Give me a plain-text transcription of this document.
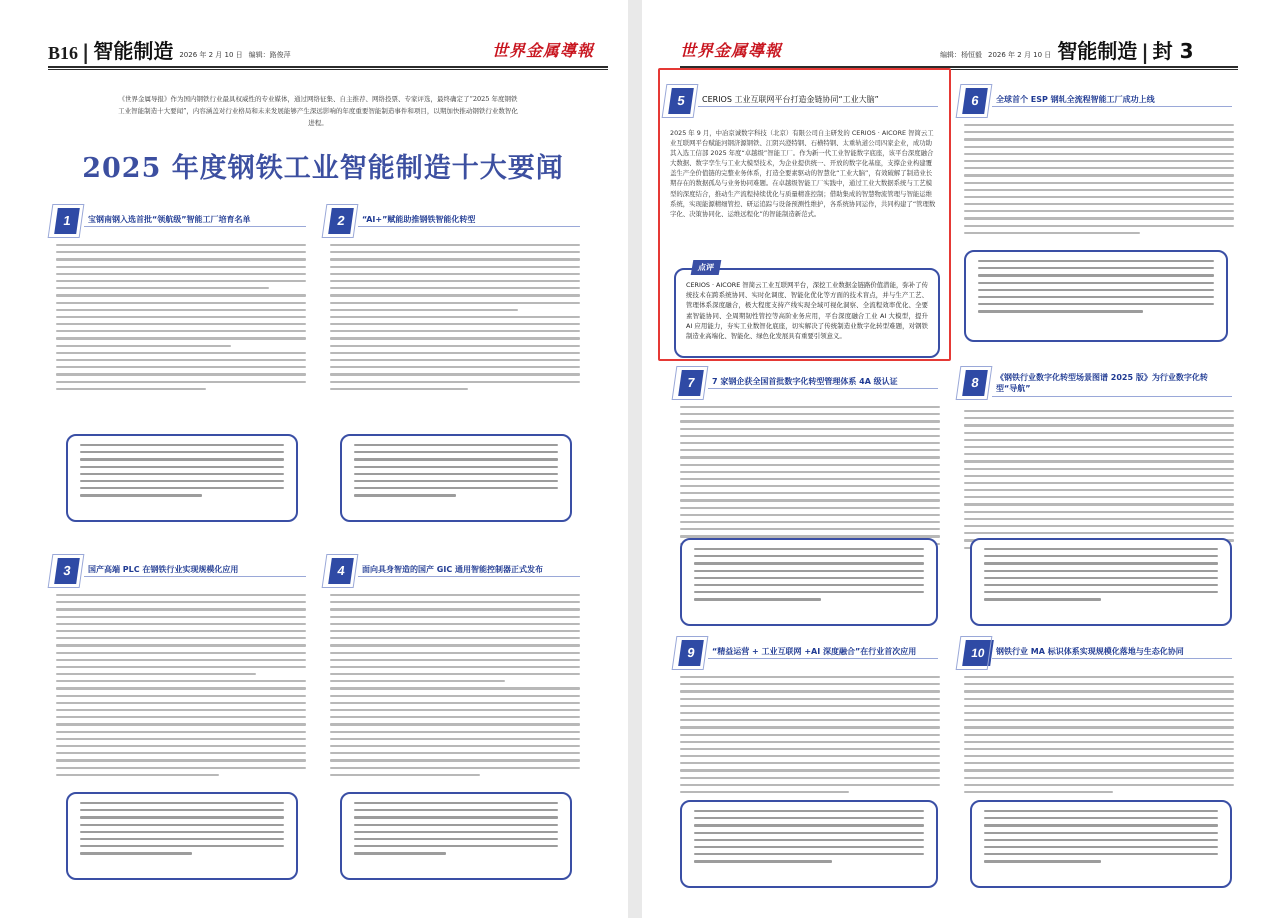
B16 | 智能制造 2026 年 2 月 10 日 编辑：路俊萍	世界金属導報
《世界金属导报》作为国内钢铁行业最具权威性的专业媒体，通过网络征集、自主推荐、网络投票、专家评选，最终确定了“2025 年度钢铁工业智能制造十大要闻”，内容涵盖对行业格局和未来发展能够产生深远影响的年度重要智能制造事件和项目，以期加快推动钢铁行业数智化进程。
2025 年度钢铁工业智能制造十大要闻
1	宝钢南钢入选首批“领航级”智能工厂培育名单	2	“AI+”赋能助推钢铁智能化转型
3	国产高端 PLC 在钢铁行业实现规模化应用	4	面向具身智造的国产 GIC 通用智能控制器正式发布
世界金属導報	编辑：杨恒毅 2026 年 2 月 10 日 智能制造 | 封 3
5	CERIOS 工业互联网平台打造金链协同“工业大脑”
2025 年 9 月，中冶京诚数字科技（北京）有限公司自主研发的 CERIOS · AICORE 智简云工业互联网平台赋能河钢济源钢铁、江阴兴澄特钢、石横特钢、太重轨道公司四家企业，成功助其入选工信部 2025 年度“卓越级”智能工厂。作为新一代工业智能数字底座，该平台深度融合大数据、数字孪生与工业大模型技术，为企业提供统一、开放的数字化基座，支撑企业构建覆盖生产全价值链的完整业务体系，打造全要素驱动的智慧化“工业大脑”，有效破解了制造业长期存在的数据孤岛与业务协同难题。在卓越级智能工厂实践中，通过工业大数据系统与工艺模型的深度结合，推动生产流程持续优化与质量精准控制；借助集成的智慧物流管理与智能运维系统，实现能源精细管控、研运追踪与设备预测性维护，各系统协同运作，共同构建了“管理数字化、决策协同化、运维远程化”的智能制造新范式。
点评
CERIOS · AICORE 智简云工业互联网平台，深挖工业数据金链路价值潜能，弥补了传统技术在跨系统协同、实时化调度、智能化优化等方面的技术盲点，并与生产工艺、管理体系深度融合，极大程度支持产线实现全域可视化洞察、全流程效率优化、全要素智能协同、全周期韧性管控等高阶业务应用，平台深度融合工业 AI 大模型，提升 AI 应用能力，夯实工业数智化底座，切实解决了传统制造业数字化转型难题，对钢铁制造业高端化、智能化、绿色化发展具有重要引领意义。
6	全球首个 ESP 钢轧全流程智能工厂成功上线
7	7 家钢企获全国首批数字化转型管理体系 4A 级认证	8	《钢铁行业数字化转型场景图谱 2025 版》为行业数字化转型“导航”
9	“精益运营 + 工业互联网 +AI 深度融合”在行业首次应用	10	钢铁行业 MA 标识体系实现规模化落地与生态化协同
